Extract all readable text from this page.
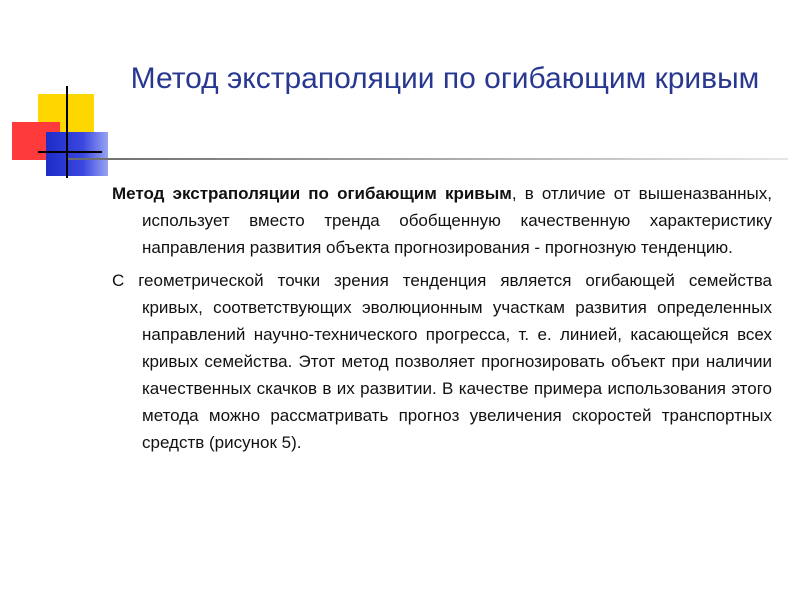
Метод экстраполяции по огибающим кривым

Метод экстраполяции по огибающим кривым, в отличие от вышеназванных, использует вместо тренда обобщенную качественную характеристику направления развития объекта прогнозирования - прогнозную тенденцию.

С геометрической точки зрения тенденция является огибающей семейства кривых, соответствующих эволюционным участкам развития определенных направлений научно-технического прогресса, т. е. линией, касающейся всех кривых семейства. Этот метод позволяет прогнозировать объект при наличии качественных скачков в их развитии. В качестве примера использования этого метода можно рассматривать прогноз увеличения скоростей транспортных средств (рисунок 5).
